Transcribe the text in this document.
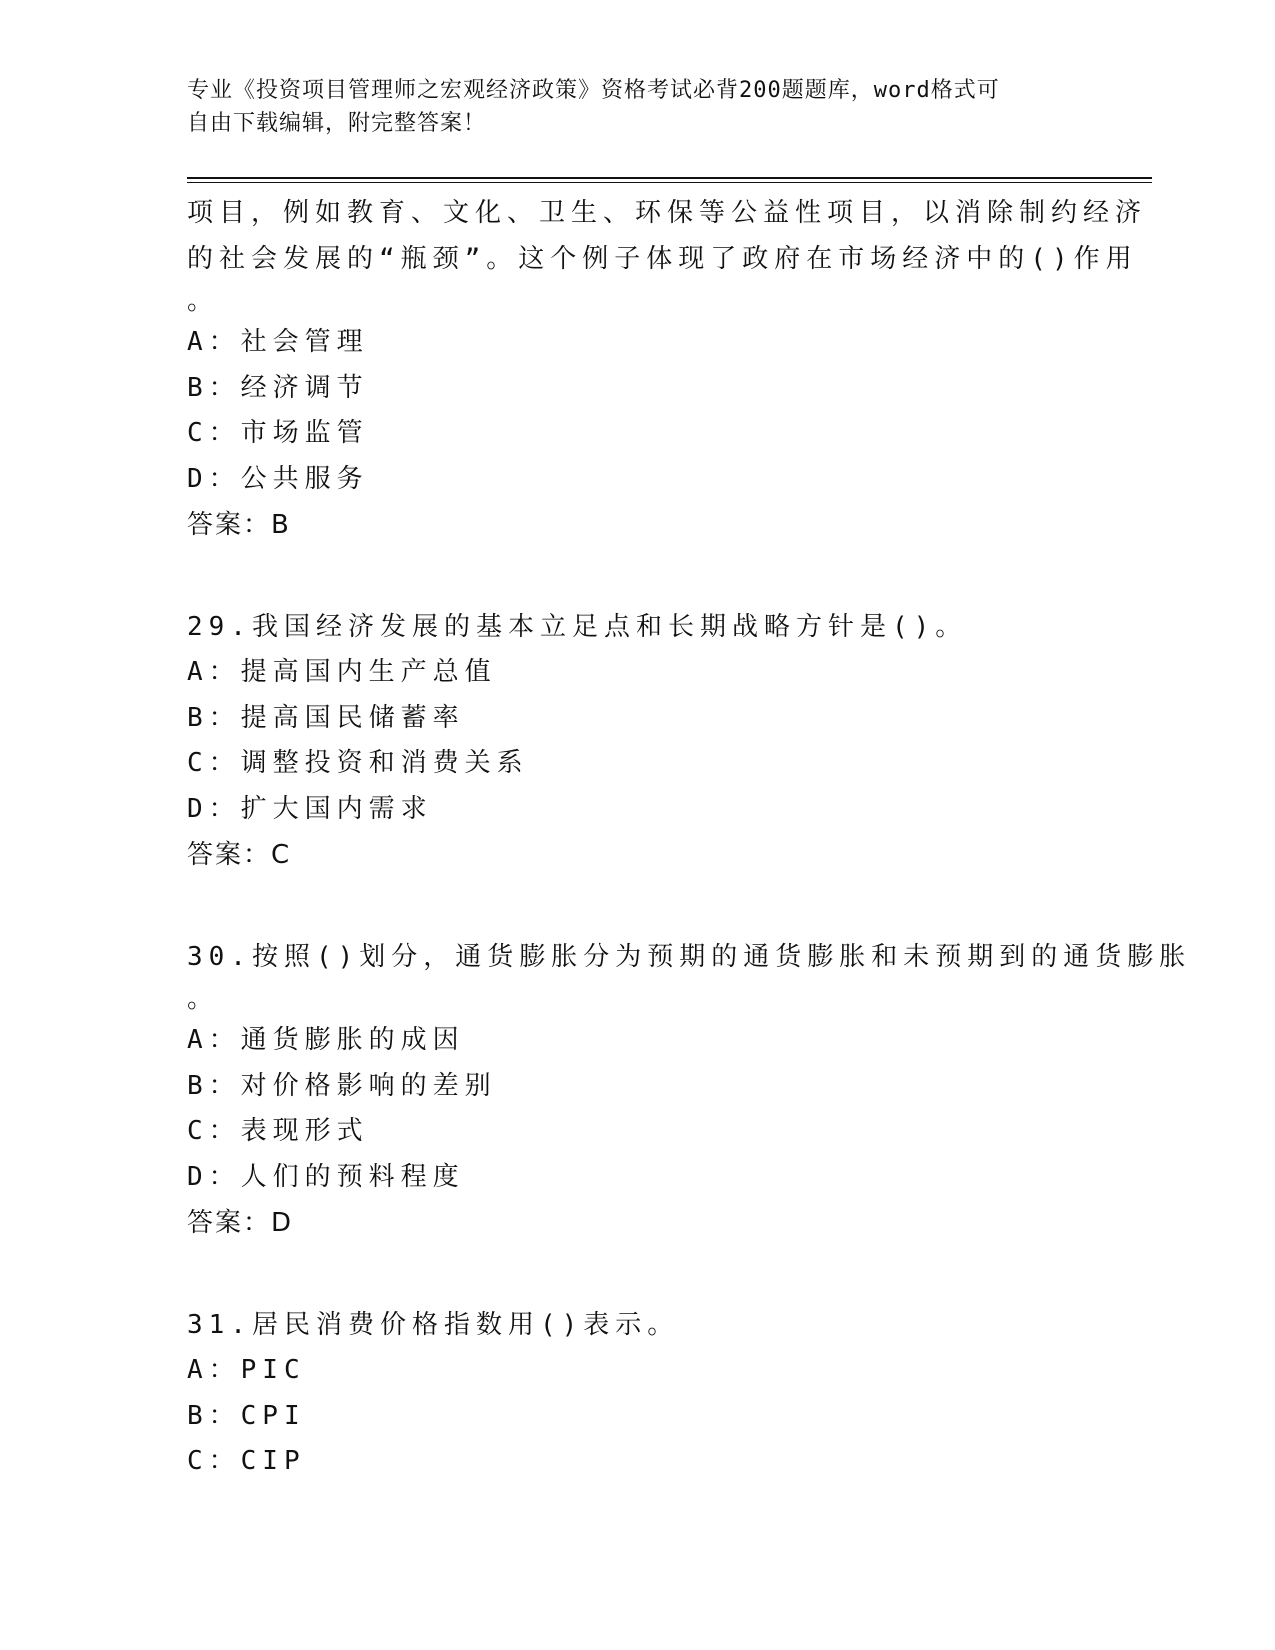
专业《投资项目管理师之宏观经济政策》资格考试必背200题题库，word格式可
自由下载编辑，附完整答案！
项目，例如教育、文化、卫生、环保等公益性项目，以消除制约经济
的社会发展的“瓶颈”。这个例子体现了政府在市场经济中的()作用
。
A：社会管理
B：经济调节
C：市场监管
D：公共服务
答案：B
29.我国经济发展的基本立足点和长期战略方针是()。
A：提高国内生产总值
B：提高国民储蓄率
C：调整投资和消费关系
D：扩大国内需求
答案：C
30.按照()划分，通货膨胀分为预期的通货膨胀和未预期到的通货膨胀
。
A：通货膨胀的成因
B：对价格影响的差别
C：表现形式
D：人们的预料程度
答案：D
31.居民消费价格指数用()表示。
A：PIC
B：CPI
C：CIP
